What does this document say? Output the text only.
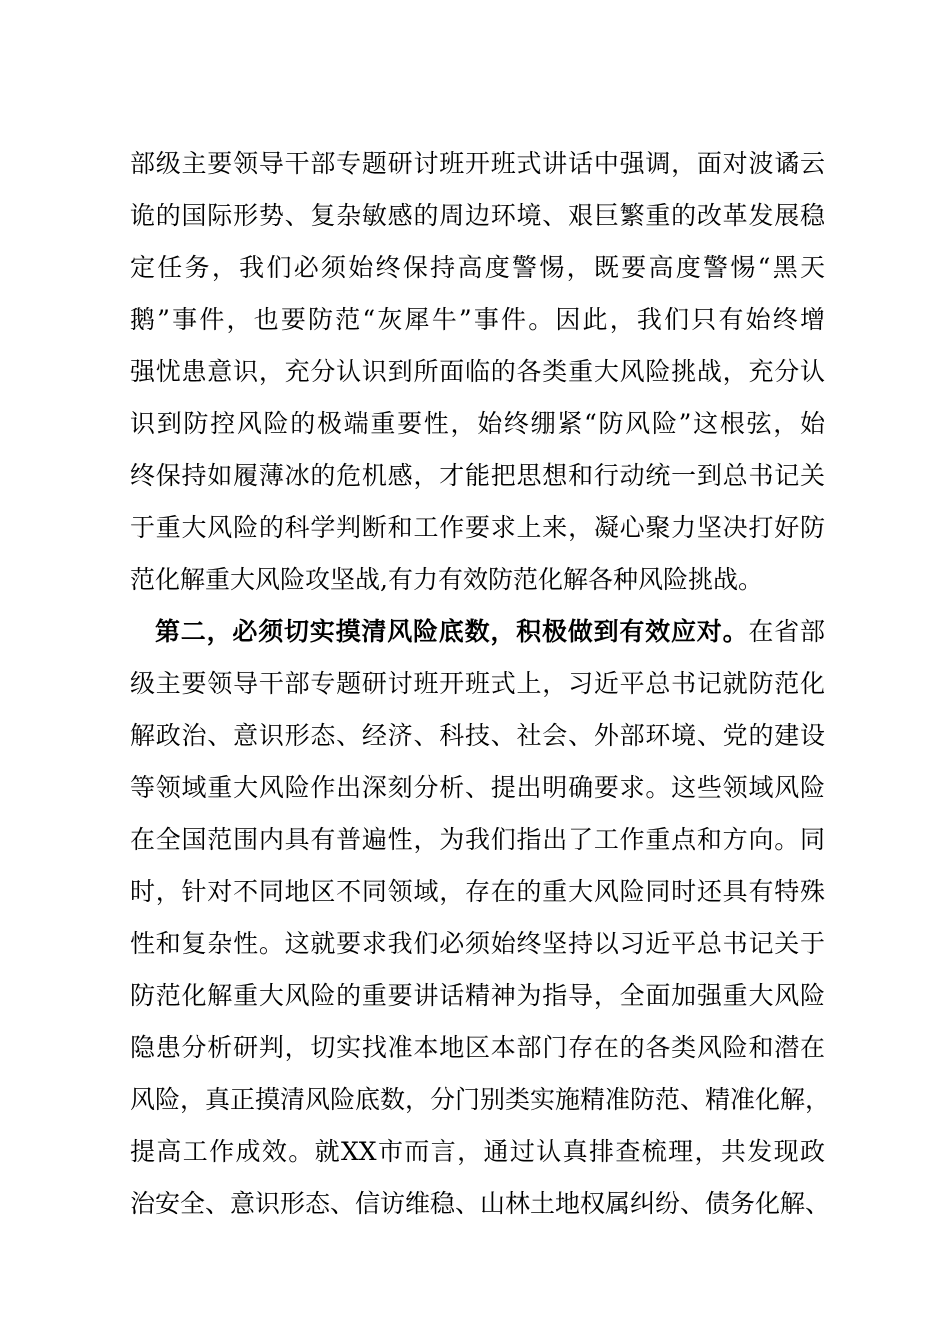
部级主要领导干部专题研讨班开班式讲话中强调，面对波谲云
诡的国际形势、复杂敏感的周边环境、艰巨繁重的改革发展稳
定任务，我们必须始终保持高度警惕，既要高度警惕“黑天
鹅”事件，也要防范“灰犀牛”事件。因此，我们只有始终增
强忧患意识，充分认识到所面临的各类重大风险挑战，充分认
识到防控风险的极端重要性，始终绷紧“防风险”这根弦，始
终保持如履薄冰的危机感，才能把思想和行动统一到总书记关
于重大风险的科学判断和工作要求上来，凝心聚力坚决打好防
范化解重大风险攻坚战,有力有效防范化解各种风险挑战。
第二，必须切实摸清风险底数，积极做到有效应对。在省部
级主要领导干部专题研讨班开班式上，习近平总书记就防范化
解政治、意识形态、经济、科技、社会、外部环境、党的建设
等领域重大风险作出深刻分析、提出明确要求。这些领域风险
在全国范围内具有普遍性，为我们指出了工作重点和方向。同
时，针对不同地区不同领域，存在的重大风险同时还具有特殊
性和复杂性。这就要求我们必须始终坚持以习近平总书记关于
防范化解重大风险的重要讲话精神为指导，全面加强重大风险
隐患分析研判，切实找准本地区本部门存在的各类风险和潜在
风险，真正摸清风险底数，分门别类实施精准防范、精准化解，
提高工作成效。就XX市而言，通过认真排查梳理，共发现政
治安全、意识形态、信访维稳、山林土地权属纠纷、债务化解、
